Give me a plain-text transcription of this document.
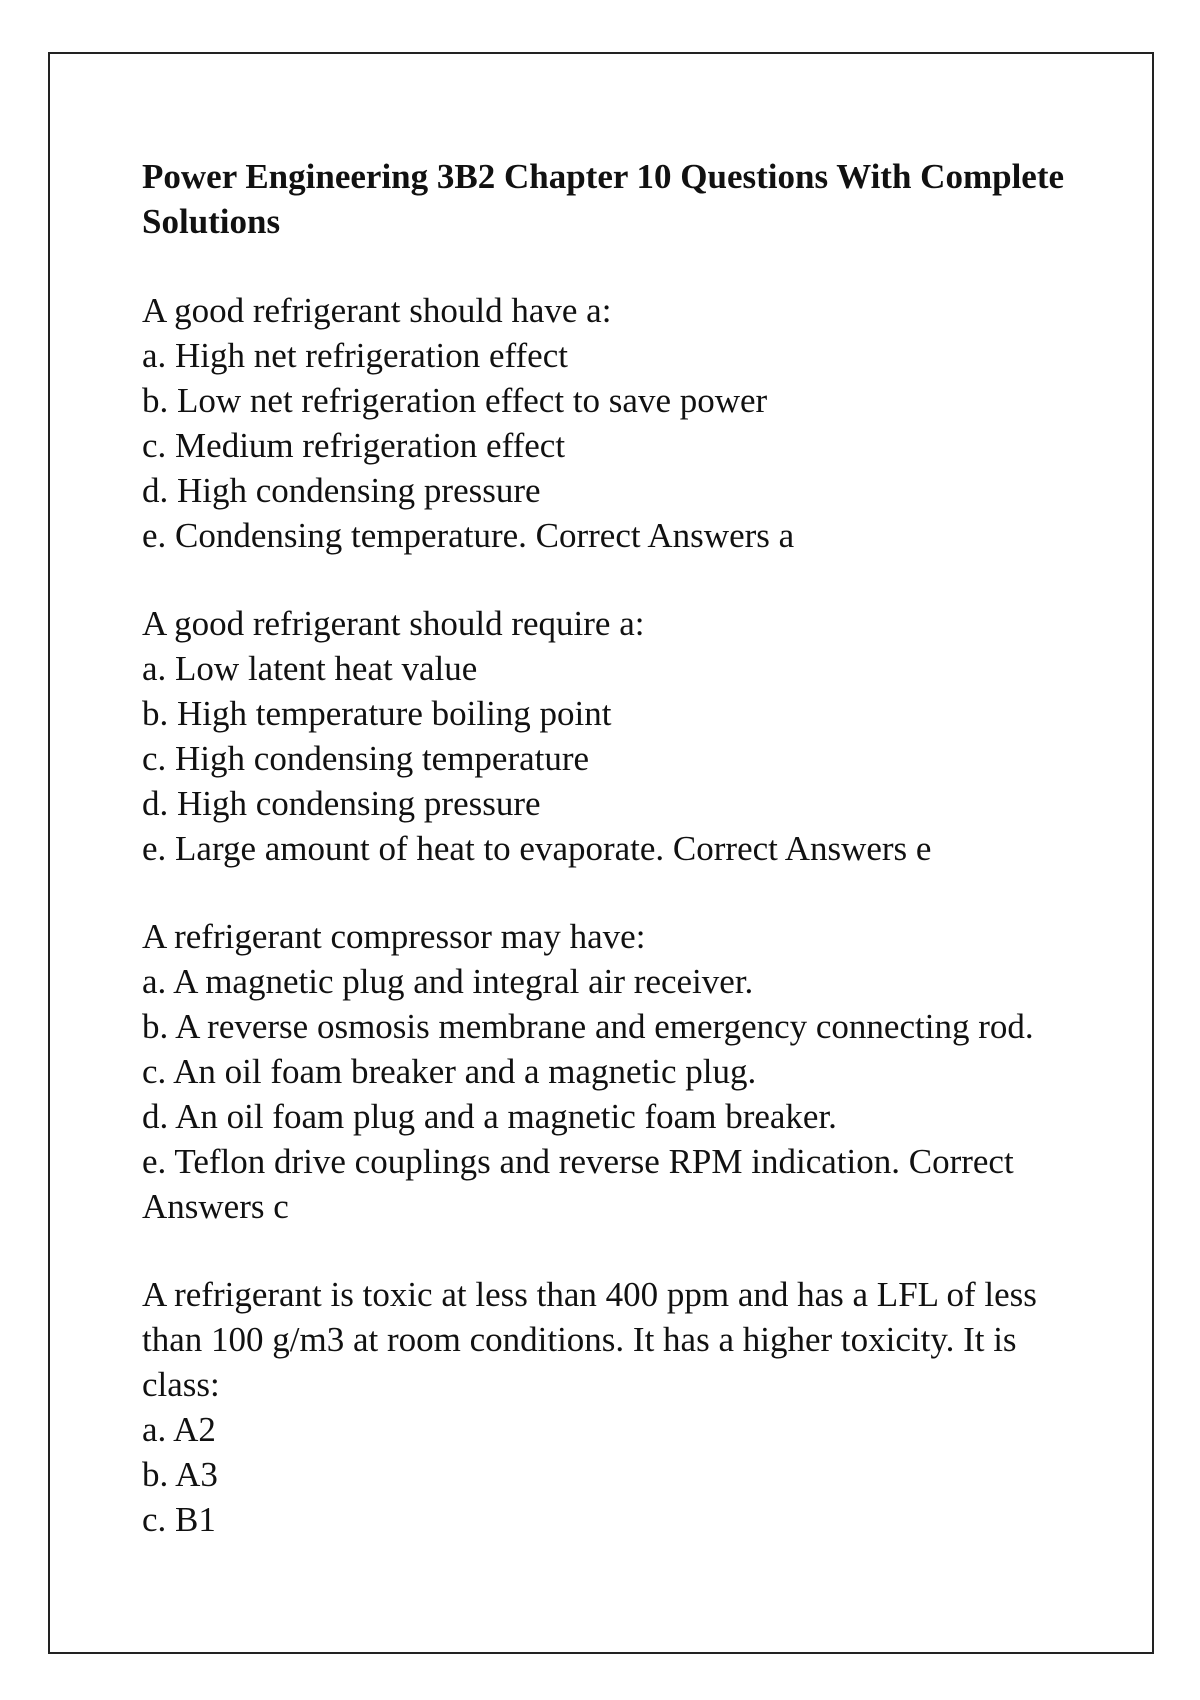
Power Engineering 3B2 Chapter 10 Questions With Complete Solutions
A good refrigerant should have a:
a. High net refrigeration effect
b. Low net refrigeration effect to save power
c. Medium refrigeration effect
d. High condensing pressure
e. Condensing temperature. Correct Answers a
A good refrigerant should require a:
a. Low latent heat value
b. High temperature boiling point
c. High condensing temperature
d. High condensing pressure
e. Large amount of heat to evaporate. Correct Answers e
A refrigerant compressor may have:
a. A magnetic plug and integral air receiver.
b. A reverse osmosis membrane and emergency connecting rod.
c. An oil foam breaker and a magnetic plug.
d. An oil foam plug and a magnetic foam breaker.
e. Teflon drive couplings and reverse RPM indication. Correct Answers c
A refrigerant is toxic at less than 400 ppm and has a LFL of less than 100 g/m3 at room conditions. It has a higher toxicity. It is class:
a. A2
b. A3
c. B1
